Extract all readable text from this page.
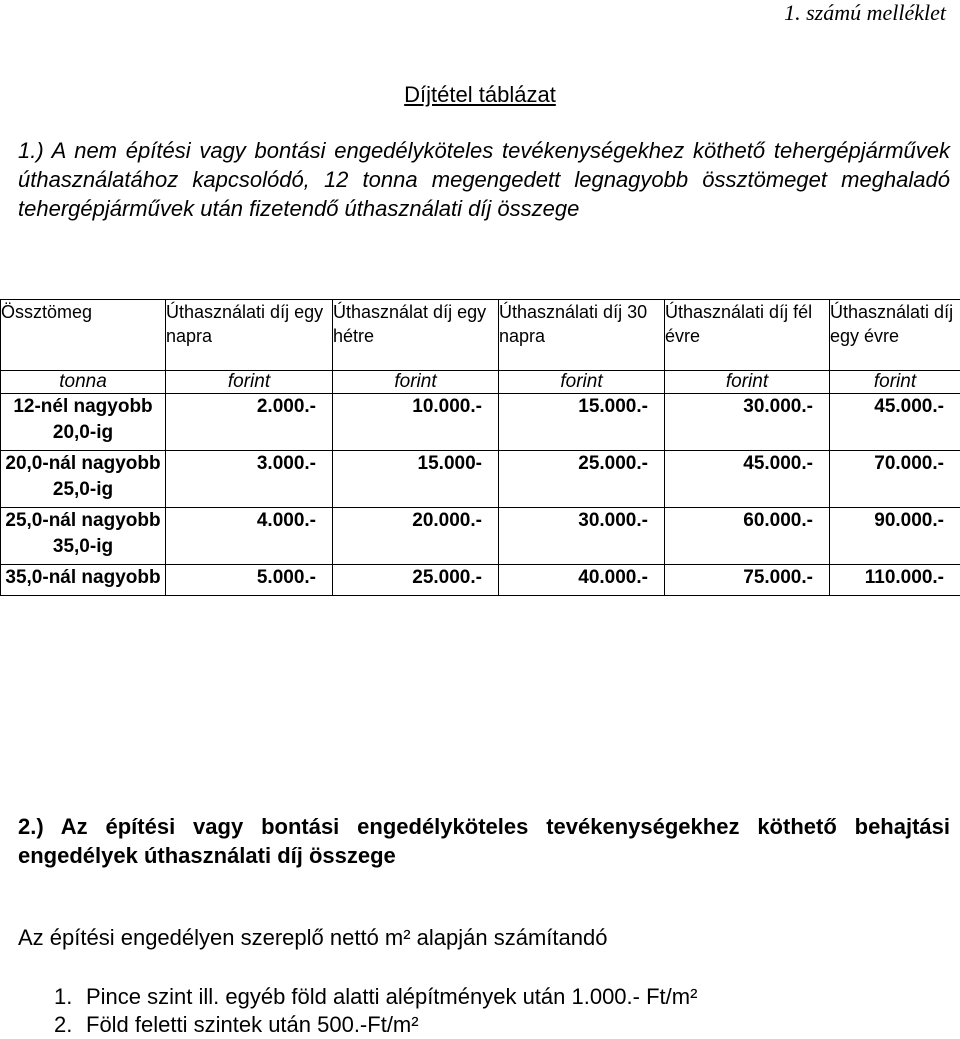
1. számú melléklet
Díjtétel táblázat
1.) A nem építési vagy bontási engedélyköteles tevékenységekhez köthető tehergépjárművek úthasználatához kapcsolódó, 12 tonna megengedett legnagyobb össztömeget meghaladó tehergépjárművek után fizetendő úthasználati díj összege
Össztömeg	Úthasználati díj egy napra	Úthasználat díj egy hétre	Úthasználati díj 30 napra	Úthasználati díj fél évre	Úthasználati díj egy évre
tonna	forint	forint	forint	forint	forint
12-nél nagyobb 20,0-ig	2.000.-	10.000.-	15.000.-	30.000.-	45.000.-
20,0-nál nagyobb 25,0-ig	3.000.-	15.000-	25.000.-	45.000.-	70.000.-
25,0-nál nagyobb 35,0-ig	4.000.-	20.000.-	30.000.-	60.000.-	90.000.-
35,0-nál nagyobb	5.000.-	25.000.-	40.000.-	75.000.-	110.000.-
2.) Az építési vagy bontási engedélyköteles tevékenységekhez köthető behajtási engedélyek úthasználati díj összege
Az építési engedélyen szereplő nettó m² alapján számítandó
1. Pince szint ill. egyéb föld alatti alépítmények után 1.000.- Ft/m²
2. Föld feletti szintek után 500.-Ft/m²
